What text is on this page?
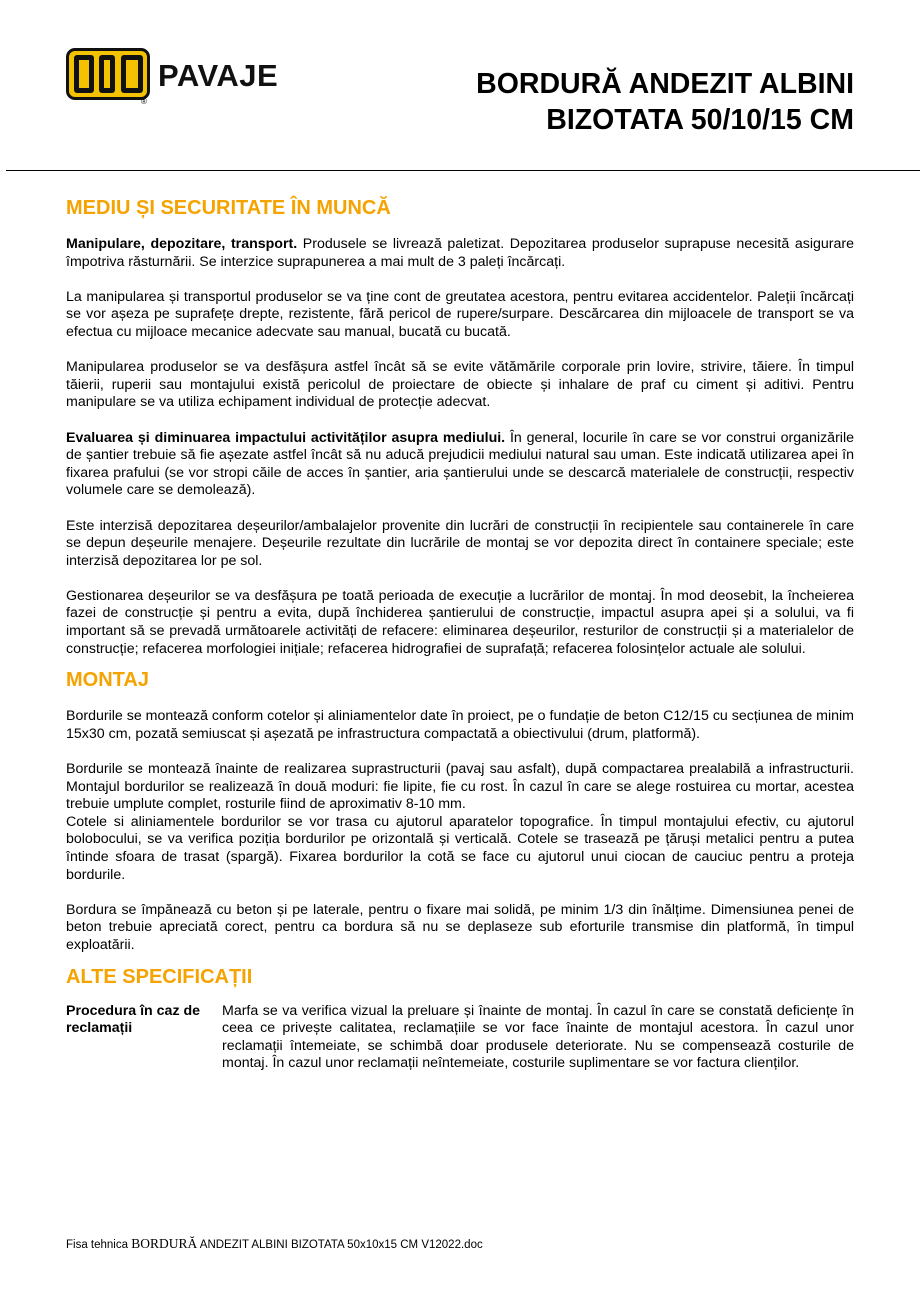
®
PAVAJE	BORDURĂ ANDEZIT ALBINI
BIZOTATA 50/10/15 CM
MEDIU ȘI SECURITATE ÎN MUNCĂ

Manipulare, depozitare, transport. Produsele se livrează paletizat. Depozitarea produselor suprapuse necesită asigurare împotriva răsturnării. Se interzice suprapunerea a mai mult de 3 paleți încărcați.

La manipularea și transportul produselor se va ține cont de greutatea acestora, pentru evitarea accidentelor. Paleții încărcați se vor așeza pe suprafețe drepte, rezistente, fără pericol de rupere/surpare. Descărcarea din mijloacele de transport se va efectua cu mijloace mecanice adecvate sau manual, bucată cu bucată.

Manipularea produselor se va desfășura astfel încât să se evite vătămările corporale prin lovire, strivire, tăiere. În timpul tăierii, ruperii sau montajului există pericolul de proiectare de obiecte și inhalare de praf cu ciment și aditivi. Pentru manipulare se va utiliza echipament individual de protecție adecvat.

Evaluarea și diminuarea impactului activităților asupra mediului. În general, locurile în care se vor construi organizările de șantier trebuie să fie așezate astfel încât să nu aducă prejudicii mediului natural sau uman. Este indicată utilizarea apei în fixarea prafului (se vor stropi căile de acces în șantier, aria șantierului unde se descarcă materialele de construcții, respectiv volumele care se demolează).

Este interzisă depozitarea deșeurilor/ambalajelor provenite din lucrări de construcții în recipientele sau containerele în care se depun deșeurile menajere. Deșeurile rezultate din lucrările de montaj se vor depozita direct în containere speciale; este interzisă depozitarea lor pe sol.

Gestionarea deșeurilor se va desfășura pe toată perioada de execuție a lucrărilor de montaj. În mod deosebit, la încheierea fazei de construcție și pentru a evita, după închiderea șantierului de construcție, impactul asupra apei și a solului, va fi important să se prevadă următoarele activități de refacere: eliminarea deșeurilor, resturilor de construcții și a materialelor de construcție; refacerea morfologiei inițiale; refacerea hidrografiei de suprafață; refacerea folosințelor actuale ale solului.

MONTAJ

Bordurile se montează conform cotelor și aliniamentelor date în proiect, pe o fundație de beton C12/15 cu secțiunea de minim 15x30 cm, pozată semiuscat și așezată pe infrastructura compactată a obiectivului (drum, platformă).

Bordurile se montează înainte de realizarea suprastructurii (pavaj sau asfalt), după compactarea prealabilă a infrastructurii. Montajul bordurilor se realizează în două moduri: fie lipite, fie cu rost. În cazul în care se alege rostuirea cu mortar, acestea trebuie umplute complet, rosturile fiind de aproximativ 8-10 mm.

Cotele si aliniamentele bordurilor se vor trasa cu ajutorul aparatelor topografice. În timpul montajului efectiv, cu ajutorul bolobocului, se va verifica poziția bordurilor pe orizontală și verticală. Cotele se trasează pe țăruși metalici pentru a putea întinde sfoara de trasat (spargă). Fixarea bordurilor la cotă se face cu ajutorul unui ciocan de cauciuc pentru a proteja bordurile.

Bordura se împănează cu beton și pe laterale, pentru o fixare mai solidă, pe minim 1/3 din înălțime. Dimensiunea penei de beton trebuie apreciată corect, pentru ca bordura să nu se deplaseze sub eforturile transmise din platformă, în timpul exploatării.

ALTE SPECIFICAȚII
Procedura în caz de reclamații

Marfa se va verifica vizual la preluare și înainte de montaj. În cazul în care se constată deficiențe în ceea ce privește calitatea, reclamațiile se vor face înainte de montajul acestora. În cazul unor reclamații întemeiate, se schimbă doar produsele deteriorate. Nu se compensează costurile de montaj. În cazul unor reclamații neîntemeiate, costurile suplimentare se vor factura clienților.

Fisa tehnica BORDURĂ ANDEZIT ALBINI BIZOTATA 50x10x15 CM V12022.doc
